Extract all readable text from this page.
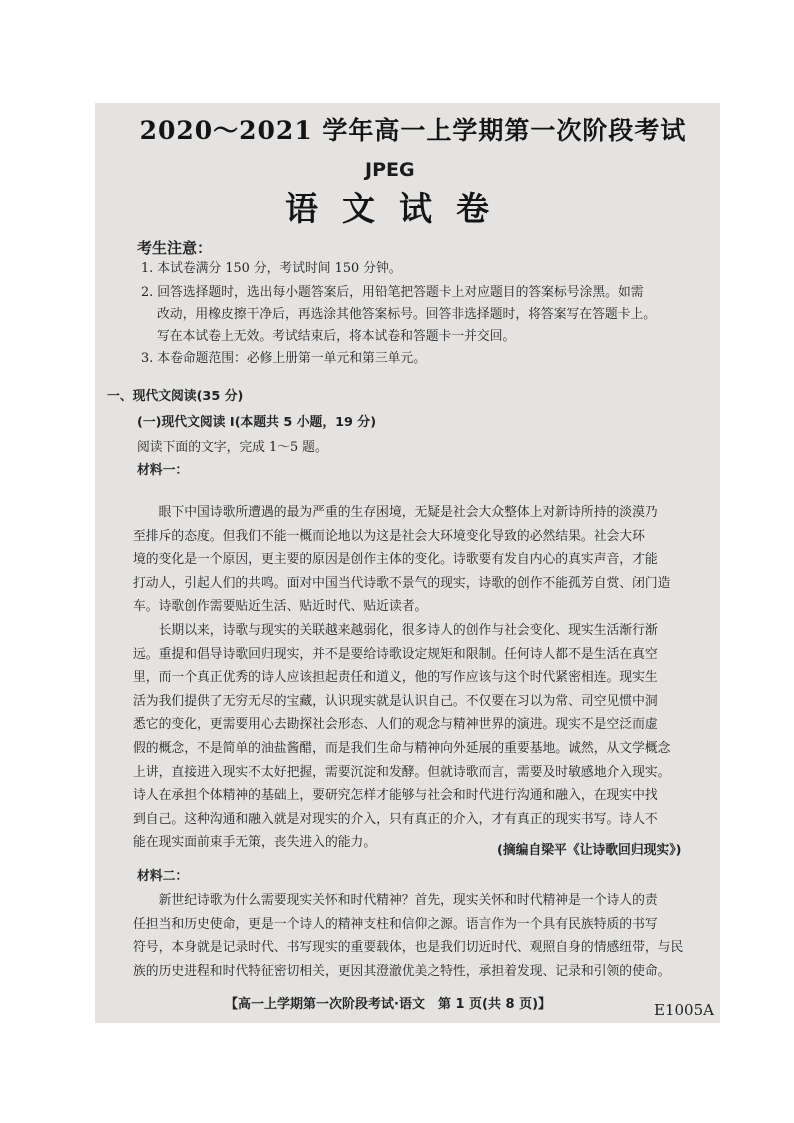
2020～2021 学年高一上学期第一次阶段考试
JPEG
语文试卷
考生注意：
1. 本试卷满分 150 分，考试时间 150 分钟。
2. 回答选择题时，选出每小题答案后，用铅笔把答题卡上对应题目的答案标号涂黑。如需
改动，用橡皮擦干净后，再选涂其他答案标号。回答非选择题时，将答案写在答题卡上。
写在本试卷上无效。考试结束后，将本试卷和答题卡一并交回。
3. 本卷命题范围：必修上册第一单元和第三单元。
一、现代文阅读(35 分)
(一)现代文阅读 I(本题共 5 小题，19 分)
阅读下面的文字，完成 1～5 题。
材料一：

　　眼下中国诗歌所遭遇的最为严重的生存困境，无疑是社会大众整体上对新诗所持的淡漠乃

至排斥的态度。但我们不能一概而论地以为这是社会大环境变化导致的必然结果。社会大环

境的变化是一个原因，更主要的原因是创作主体的变化。诗歌要有发自内心的真实声音，才能

打动人，引起人们的共鸣。面对中国当代诗歌不景气的现实，诗歌的创作不能孤芳自赏、闭门造

车。诗歌创作需要贴近生活、贴近时代、贴近读者。

　　长期以来，诗歌与现实的关联越来越弱化，很多诗人的创作与社会变化、现实生活渐行渐

远。重提和倡导诗歌回归现实，并不是要给诗歌设定规矩和限制。任何诗人都不是生活在真空

里，而一个真正优秀的诗人应该担起责任和道义，他的写作应该与这个时代紧密相连。现实生

活为我们提供了无穷无尽的宝藏，认识现实就是认识自己。不仅要在习以为常、司空见惯中洞

悉它的变化，更需要用心去勘探社会形态、人们的观念与精神世界的演进。现实不是空泛而虚

假的概念，不是简单的油盐酱醋，而是我们生命与精神向外延展的重要基地。诚然，从文学概念

上讲，直接进入现实不太好把握，需要沉淀和发酵。但就诗歌而言，需要及时敏感地介入现实。

诗人在承担个体精神的基础上，要研究怎样才能够与社会和时代进行沟通和融入，在现实中找

到自己。这种沟通和融入就是对现实的介入，只有真正的介入，才有真正的现实书写。诗人不

能在现实面前束手无策，丧失进入的能力。

(摘编自梁平《让诗歌回归现实》)
材料二：

　　新世纪诗歌为什么需要现实关怀和时代精神？首先，现实关怀和时代精神是一个诗人的责

任担当和历史使命，更是一个诗人的精神支柱和信仰之源。语言作为一个具有民族特质的书写

符号，本身就是记录时代、书写现实的重要载体，也是我们切近时代、观照自身的情感纽带，与民

族的历史进程和时代特征密切相关，更因其澄澈优美之特性，承担着发现、记录和引领的使命。

【高一上学期第一次阶段考试·语文　第 1 页(共 8 页)】	E1005A
